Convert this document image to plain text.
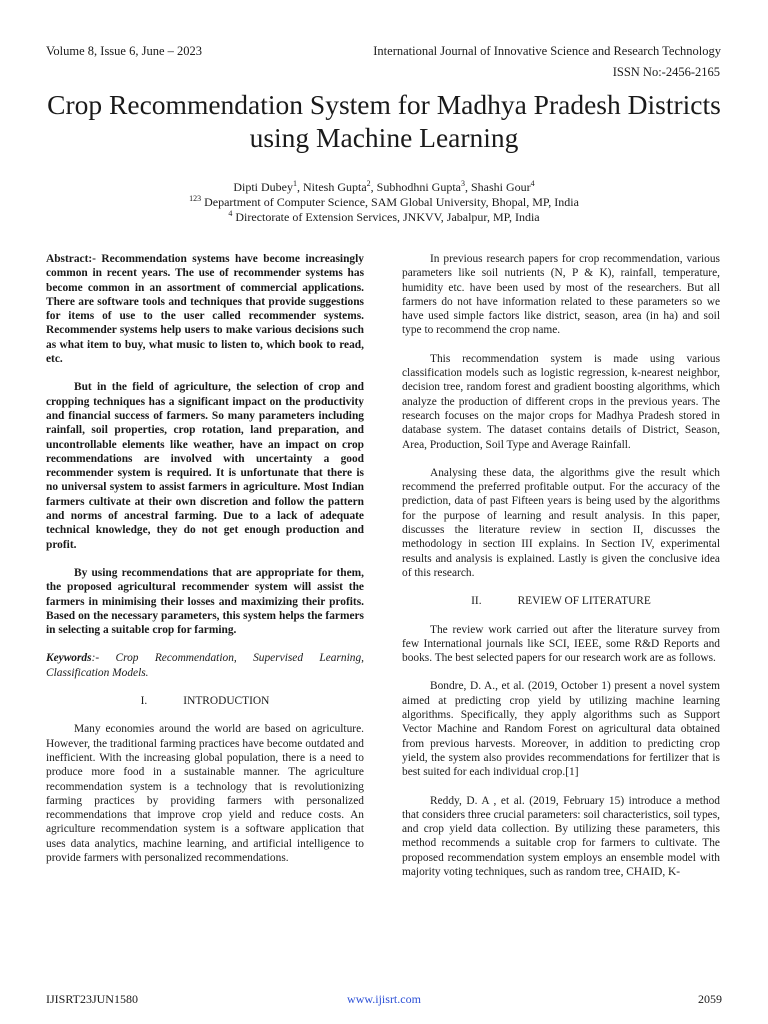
Volume 8, Issue 6, June – 2023	International Journal of Innovative Science and Research Technology
ISSN No:-2456-2165
Crop Recommendation System for Madhya Pradesh Districts using Machine Learning
Dipti Dubey$^1$, Nitesh Gupta$^2$, Subhodhni Gupta$^3$, Shashi Gour$^4$
$^{123}$ Department of Computer Science, SAM Global University, Bhopal, MP, India
$^4$ Directorate of Extension Services, JNKVV, Jabalpur, MP, India

Abstract:- Recommendation systems have become increasingly common in recent years. The use of recommender systems has become common in an assortment of commercial applications. There are software tools and techniques that provide suggestions for items of use to the user called recommender systems. Recommender systems help users to make various decisions such as what item to buy, what music to listen to, which book to read, etc.

But in the field of agriculture, the selection of crop and cropping techniques has a significant impact on the productivity and financial success of farmers. So many parameters including rainfall, soil properties, crop rotation, land preparation, and uncontrollable elements like weather, have an impact on crop recommendations are involved with uncertainty a good recommender system is required. It is unfortunate that there is no universal system to assist farmers in agriculture. Most Indian farmers cultivate at their own discretion and follow the pattern and norms of ancestral farming. Due to a lack of adequate technical knowledge, they do not get enough production and profit.

By using recommendations that are appropriate for them, the proposed agricultural recommender system will assist the farmers in minimising their losses and maximizing their profits. Based on the necessary parameters, this system helps the farmers in selecting a suitable crop for farming.

Keywords:- Crop Recommendation, Supervised Learning, Classification Models.

I.	INTRODUCTION

Many economies around the world are based on agriculture. However, the traditional farming practices have become outdated and inefficient. With the increasing global population, there is a need to produce more food in a sustainable manner. The agriculture recommendation system is a technology that is revolutionizing farming practices by providing farmers with personalized recommendations that improve crop yield and reduce costs. An agriculture recommendation system is a software application that uses data analytics, machine learning, and artificial intelligence to provide farmers with personalized recommendations.

In previous research papers for crop recommendation, various parameters like soil nutrients (N, P & K), rainfall, temperature, humidity etc. have been used by most of the researchers. But all farmers do not have information related to these parameters so we have used simple factors like district, season, area (in ha) and soil type to recommend the crop name.

This recommendation system is made using various classification models such as logistic regression, k-nearest neighbor, decision tree, random forest and gradient boosting algorithms, which analyze the production of different crops in the previous years. The research focuses on the major crops for Madhya Pradesh stored in database system. The dataset contains details of District, Season, Area, Production, Soil Type and Average Rainfall.

Analysing these data, the algorithms give the result which recommend the preferred profitable output. For the accuracy of the prediction, data of past Fifteen years is being used by the algorithms for the purpose of learning and result analysis. In this paper, discusses the literature review in section II, discusses the methodology in section III explains. In Section IV, experimental results and analysis is explained. Lastly is given the conclusive idea of this research.

II.	REVIEW OF LITERATURE

The review work carried out after the literature survey from few International journals like SCI, IEEE, some R&D Reports and books. The best selected papers for our research work are as follows.

Bondre, D. A., et al. (2019, October 1) present a novel system aimed at predicting crop yield by utilizing machine learning algorithms. Specifically, they apply algorithms such as Support Vector Machine and Random Forest on agricultural data obtained from previous harvests. Moreover, in addition to predicting crop yield, the system also provides recommendations for fertilizer that is best suited for each individual crop.[1]

Reddy, D. A , et al. (2019, February 15) introduce a method that considers three crucial parameters: soil characteristics, soil types, and crop yield data collection. By utilizing these parameters, this method recommends a suitable crop for farmers to cultivate. The proposed recommendation system employs an ensemble model with majority voting techniques, such as random tree, CHAID, K-

IJISRT23JUN1580	www.ijisrt.com	2059
